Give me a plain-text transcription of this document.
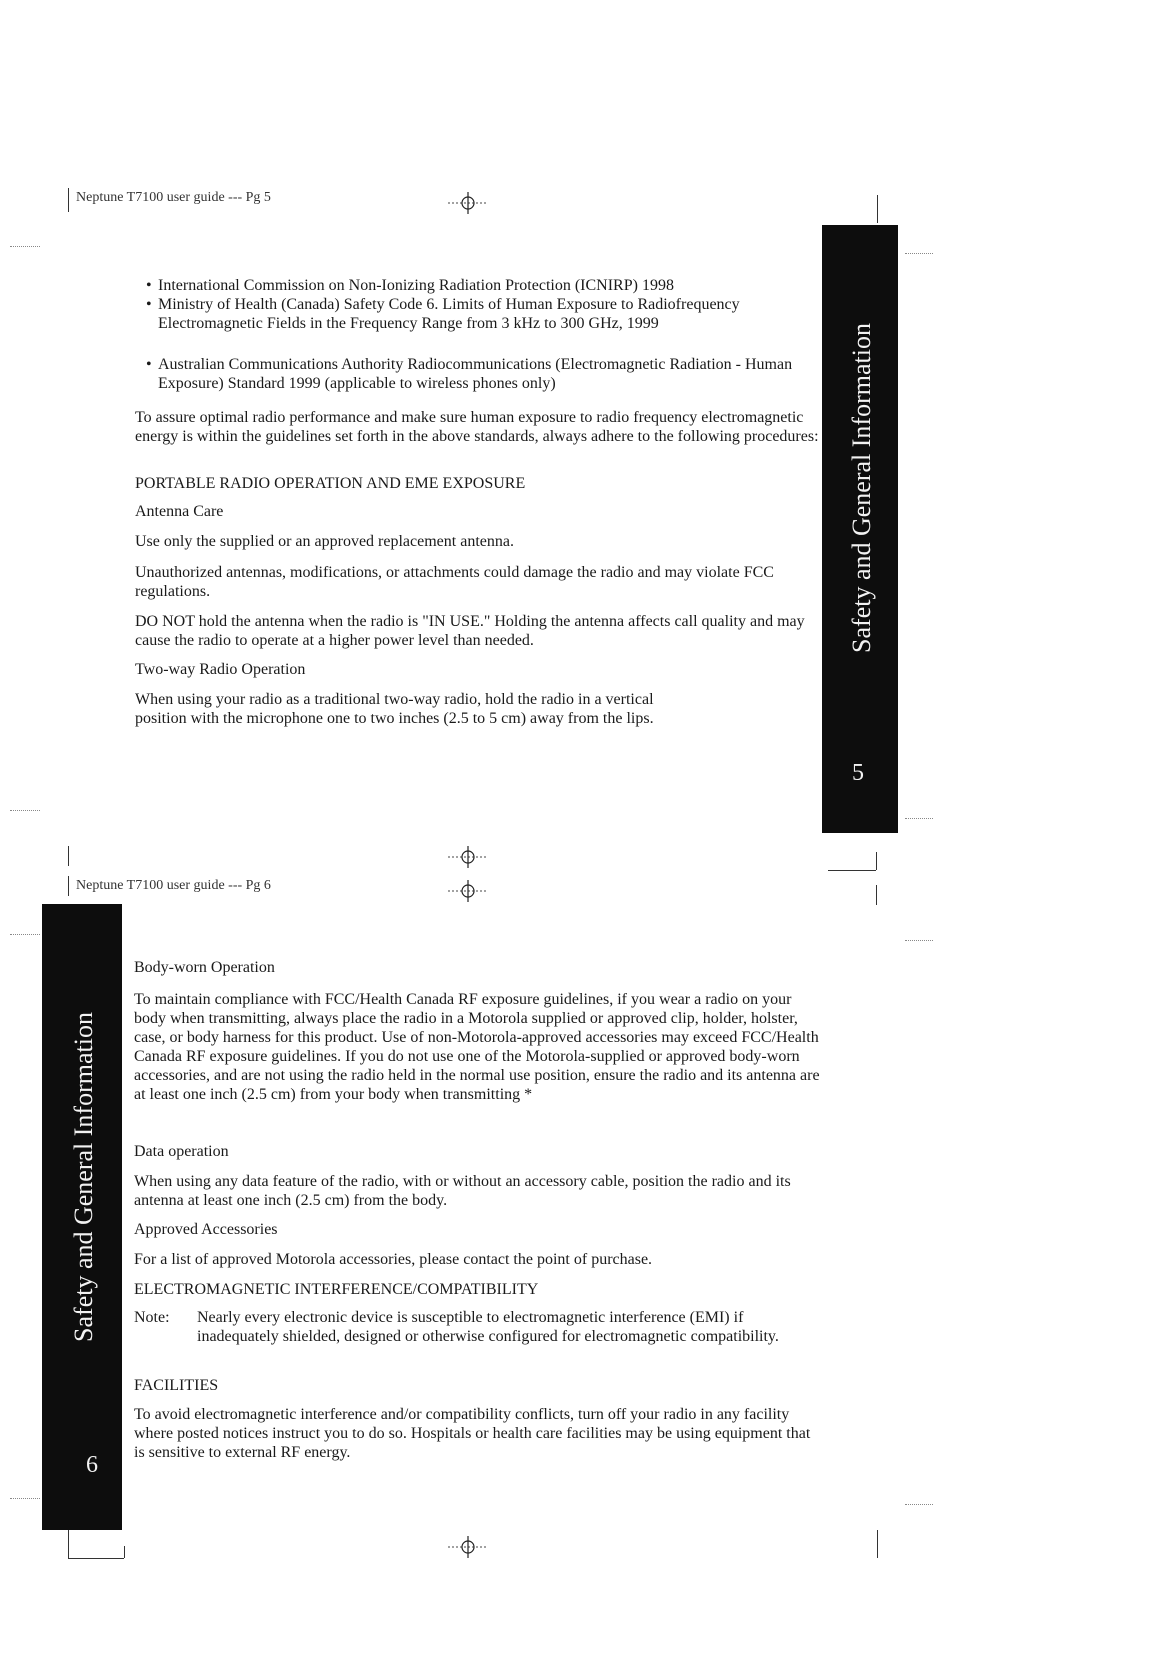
Neptune T7100 user guide --- Pg 5

• International Commission on Non-Ionizing Radiation Protection (ICNIRP) 1998

• Ministry of Health (Canada) Safety Code 6. Limits of Human Exposure to Radiofrequency Electromagnetic Fields in the Frequency Range from 3 kHz to 300 GHz, 1999

• Australian Communications Authority Radiocommunications (Electromagnetic Radiation - Human Exposure) Standard 1999 (applicable to wireless phones only)

To assure optimal radio performance and make sure human exposure to radio frequency electromagnetic energy is within the guidelines set forth in the above standards, always adhere to the following procedures:

PORTABLE RADIO OPERATION AND EME EXPOSURE

Antenna Care

Use only the supplied or an approved replacement antenna.

Unauthorized antennas, modifications, or attachments could damage the radio and may violate FCC regulations.

DO NOT hold the antenna when the radio is "IN USE." Holding the antenna affects call quality and may cause the radio to operate at a higher power level than needed.

Two-way Radio Operation

When using your radio as a traditional two-way radio, hold the radio in a vertical position with the microphone one to two inches (2.5 to 5 cm) away from the lips.

Safety and General Information
5
Neptune T7100 user guide --- Pg 6
Safety and General Information
6

Body-worn Operation

To maintain compliance with FCC/Health Canada RF exposure guidelines, if you wear a radio on your body when transmitting, always place the radio in a Motorola supplied or approved clip, holder, holster, case, or body harness for this product. Use of non-Motorola-approved accessories may exceed FCC/Health Canada RF exposure guidelines. If you do not use one of the Motorola-supplied or approved body-worn accessories, and are not using the radio held in the normal use position, ensure the radio and its antenna are at least one inch (2.5 cm) from your body when transmitting *

Data operation

When using any data feature of the radio, with or without an accessory cable, position the radio and its antenna at least one inch (2.5 cm) from the body.

Approved Accessories

For a list of approved Motorola accessories, please contact the point of purchase.

ELECTROMAGNETIC INTERFERENCE/COMPATIBILITY

Note:	Nearly every electronic device is susceptible to electromagnetic interference (EMI) if inadequately shielded, designed or otherwise configured for electromagnetic compatibility.

FACILITIES

To avoid electromagnetic interference and/or compatibility conflicts, turn off your radio in any facility where posted notices instruct you to do so. Hospitals or health care facilities may be using equipment that is sensitive to external RF energy.
